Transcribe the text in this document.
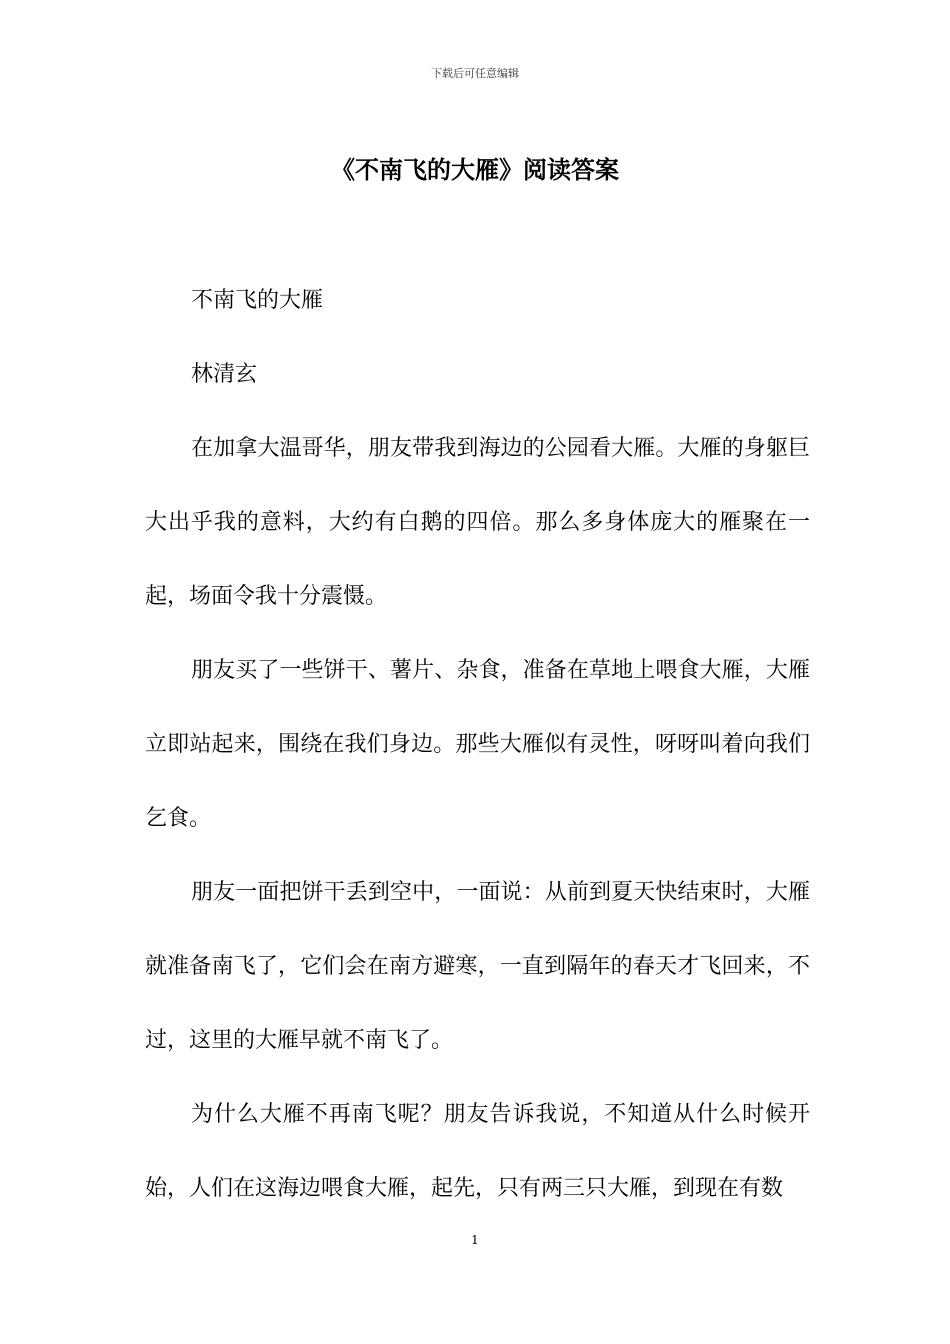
下载后可任意编辑
《不南飞的大雁》阅读答案

不南飞的大雁

林清玄

在加拿大温哥华，朋友带我到海边的公园看大雁。大雁的身躯巨大出乎我的意料，大约有白鹅的四倍。那么多身体庞大的雁聚在一起，场面令我十分震慑。

朋友买了一些饼干、薯片、杂食，准备在草地上喂食大雁，大雁立即站起来，围绕在我们身边。那些大雁似有灵性，呀呀叫着向我们乞食。

朋友一面把饼干丢到空中，一面说：从前到夏天快结束时，大雁就准备南飞了，它们会在南方避寒，一直到隔年的春天才飞回来，不过，这里的大雁早就不南飞了。

为什么大雁不再南飞呢？朋友告诉我说，不知道从什么时候开始，人们在这海边喂食大雁，起先，只有两三只大雁，到现在有数

1
